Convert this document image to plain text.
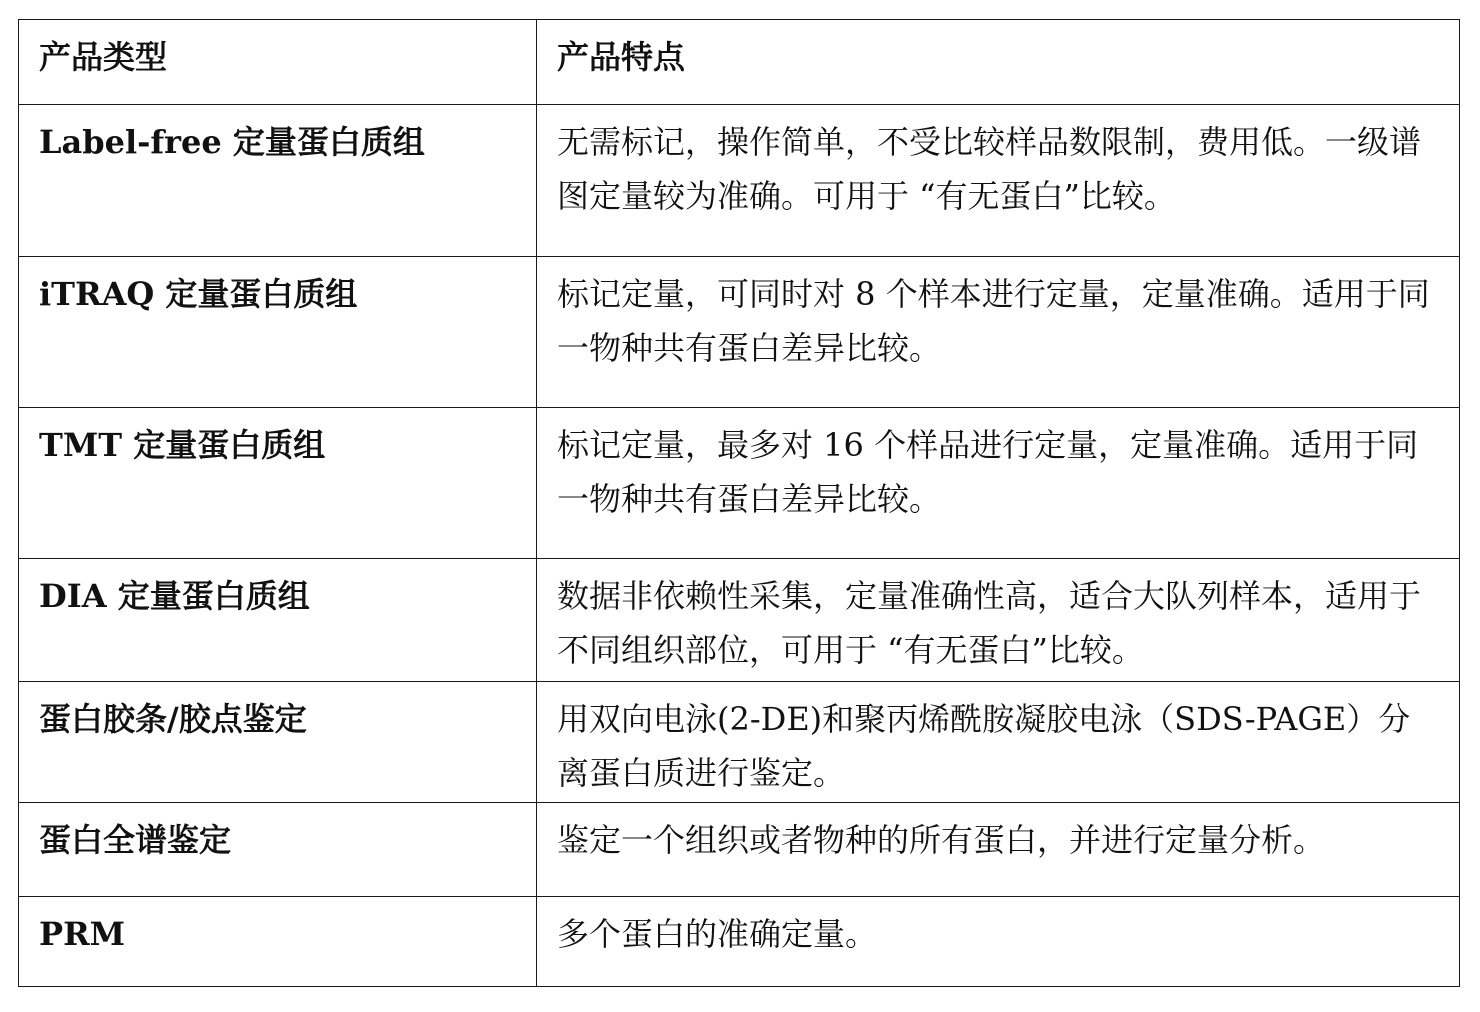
产品类型	产品特点
Label-free 定量蛋白质组	无需标记，操作简单，不受比较样品数限制，费用低。一级谱图定量较为准确。可用于 “有无蛋白”比较。
iTRAQ 定量蛋白质组	标记定量，可同时对 8 个样本进行定量，定量准确。适用于同一物种共有蛋白差异比较。
TMT 定量蛋白质组	标记定量，最多对 16 个样品进行定量，定量准确。适用于同一物种共有蛋白差异比较。
DIA 定量蛋白质组	数据非依赖性采集，定量准确性高，适合大队列样本，适用于不同组织部位，可用于 “有无蛋白”比较。
蛋白胶条/胶点鉴定	用双向电泳(2-DE)和聚丙烯酰胺凝胶电泳（SDS-PAGE）分离蛋白质进行鉴定。
蛋白全谱鉴定	鉴定一个组织或者物种的所有蛋白，并进行定量分析。
PRM	多个蛋白的准确定量。
